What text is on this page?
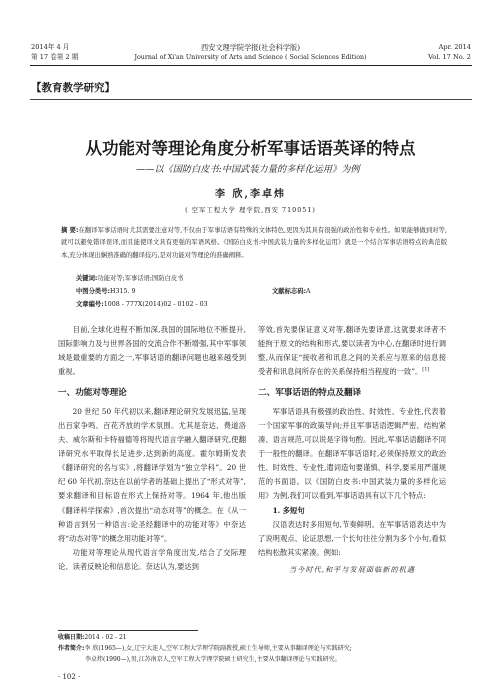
2014年 4 月
第 17 卷第 2 期
西安文理学院学报(社会科学版)
Journal of Xi'an University of Arts and Science ( Social Sciences Edition)
Apr. 2014
Vol. 17 No. 2
【教育教学研究】
从功能对等理论角度分析军事话语英译的特点
——以《国防白皮书:中国武装力量的多样化运用》为例
李 欣,李卓炜
( 空军工程大学 理学院,西安 710051)
摘 要:在翻译军事话语时尤其需要注意对等,不仅由于军事话语有特殊的文体特色,更因为其具有很强的政治性和专业性。如果能够做到对等,就可以避免错译误译,而且能使译文具有更强的军语风格。《国防白皮书:中国武装力量的多样化运用》就是一个结合军事话语特点的典范版本,充分体现出娴熟准确的翻译技巧,是对功能对等理论的准确阐释。
关键词:功能对等;军事话语;国防白皮书
中图分类号:H315. 9	文献标志码:A
文章编号:1008 - 777X(2014)02 - 0102 - 03

目前,全球化进程不断加深,我国的国际地位不断提升,国际影响力及与世界各国的交流合作不断增强,其中军事领域是最重要的方面之一,军事话语的翻译问题也越来越受到重视。

一、功能对等理论

20 世纪 50 年代初以来,翻译理论研究发展迅猛,呈现出百家争鸣、百花齐放的学术氛围。尤其是奈达、费道洛夫、威尔斯和卡特福德等将现代语言学融入翻译研究,使翻译研究水平取得长足进步,达到新的高度。霍尔姆斯发表《翻译研究的名与实》,将翻译学划为“独立学科”。20 世纪 60 年代初,奈达在以前学者的基础上提出了“形式对等”,要求翻译和目标语在形式上保持对等。1964 年,他出版《翻译科学探索》,首次提出“动态对等”的概念。在《从一种语言到另一种语言:论圣经翻译中的功能对等》中奈达将“动态对等”的概念用功能对等”。

功能对等理论从现代语言学角度出发,结合了交际理论、读者反映论和信息论。奈达认为,要达到

等效,首先要保证意义对等,翻译先要译意,这就要求译者不能拘于原文的结构和形式,要以读者为中心,在翻译时进行调整,从而保证“接收者和讯息之间的关系应与原来的信息接受者和讯息间所存在的关系保持相当程度的一致”。[1]

二、军事话语的特点及翻译

军事话语具有极强的政治性、时效性、专业性,代表着一个国家军事的政策导向;并且军事话语逻辑严密、结构紧凑、语言规范,可以说是字得句酌。因此,军事话语翻译不同于一般性的翻译。在翻译军事话语时,必须保持原文的政治性、时效性、专业性,遣词造句要谨慎、科学,要采用严谨规范的书面语。以《国防白皮书:中国武装力量的多样化运用》为例,我们可以看到,军事话语具有以下几个特点:

1. 多短句

汉语表达时多用短句,节奏鲜明。在军事话语表达中为了说明观点、论证思想,一个长句往往分割为多个小句,看似结构松散其实紧凑。例如:

当今时代,和平与发展面临新的机遇
收稿日期:2014 - 02 - 21
作者简介:李 欣(1965—),女,辽宁大连人,空军工程大学理学院副教授,硕士生导师,主要从事翻译理论与实践研究;
李卓炜(1990—),男,江苏南京人,空军工程大学理学院硕士研究生,主要从事翻译理论与实践研究。
· 102 ·
